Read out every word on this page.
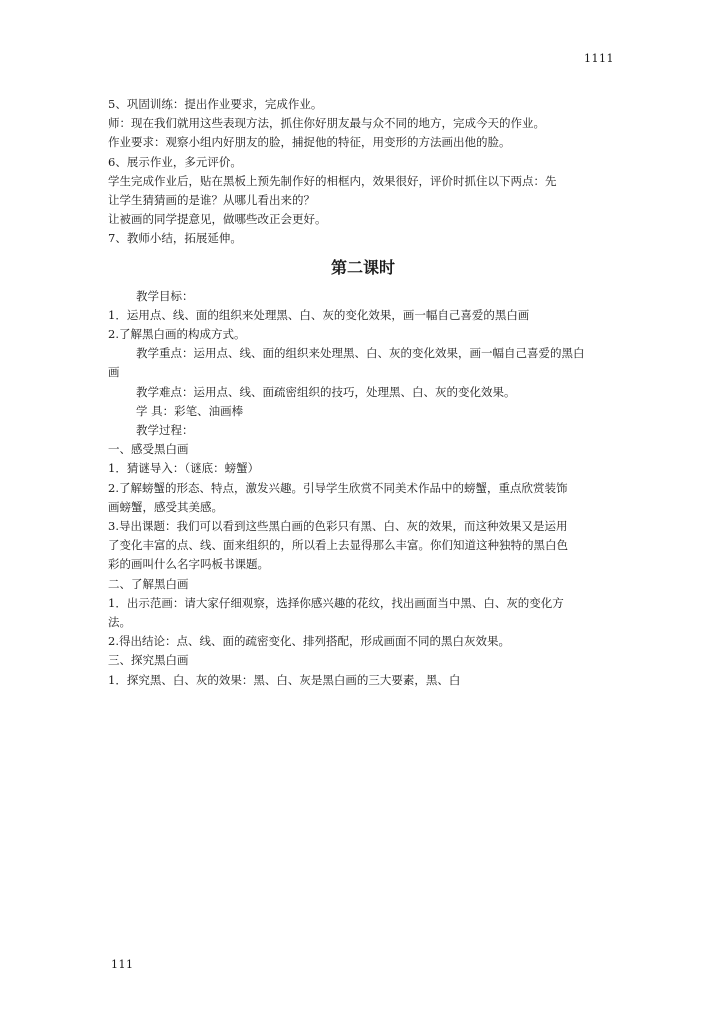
1111
5、巩固训练：提出作业要求，完成作业。
师：现在我们就用这些表现方法，抓住你好朋友最与众不同的地方，完成今天的作业。
作业要求：观察小组内好朋友的脸，捕捉他的特征，用变形的方法画出他的脸。
6、展示作业，多元评价。
学生完成作业后，贴在黑板上预先制作好的相框内，效果很好，评价时抓住以下两点：先
让学生猜猜画的是谁？从哪儿看出来的？
让被画的同学提意见，做哪些改正会更好。
7、教师小结，拓展延伸。
第二课时
教学目标：
1．运用点、线、面的组织来处理黑、白、灰的变化效果，画一幅自己喜爱的黑白画
2.了解黑白画的构成方式。
教学重点：运用点、线、面的组织来处理黑、白、灰的变化效果，画一幅自己喜爱的黑白
画
教学难点：运用点、线、面疏密组织的技巧，处理黑、白、灰的变化效果。
学 具：彩笔、油画棒
教学过程：
一、感受黑白画
1．猜谜导入：（谜底：螃蟹）
2.了解螃蟹的形态、特点，激发兴趣。引导学生欣赏不同美术作品中的螃蟹，重点欣赏装饰
画螃蟹，感受其美感。
3.导出课题：我们可以看到这些黑白画的色彩只有黑、白、灰的效果，而这种效果又是运用
了变化丰富的点、线、面来组织的，所以看上去显得那么丰富。你们知道这种独特的黑白色
彩的画叫什么名字吗板书课题。
二、了解黑白画
1．出示范画：请大家仔细观察，选择你感兴趣的花纹，找出画面当中黑、白、灰的变化方
法。
2.得出结论：点、线、面的疏密变化、排列搭配，形成画面不同的黑白灰效果。
三、探究黑白画
1．探究黑、白、灰的效果：黑、白、灰是黑白画的三大要素，黑、白
111
